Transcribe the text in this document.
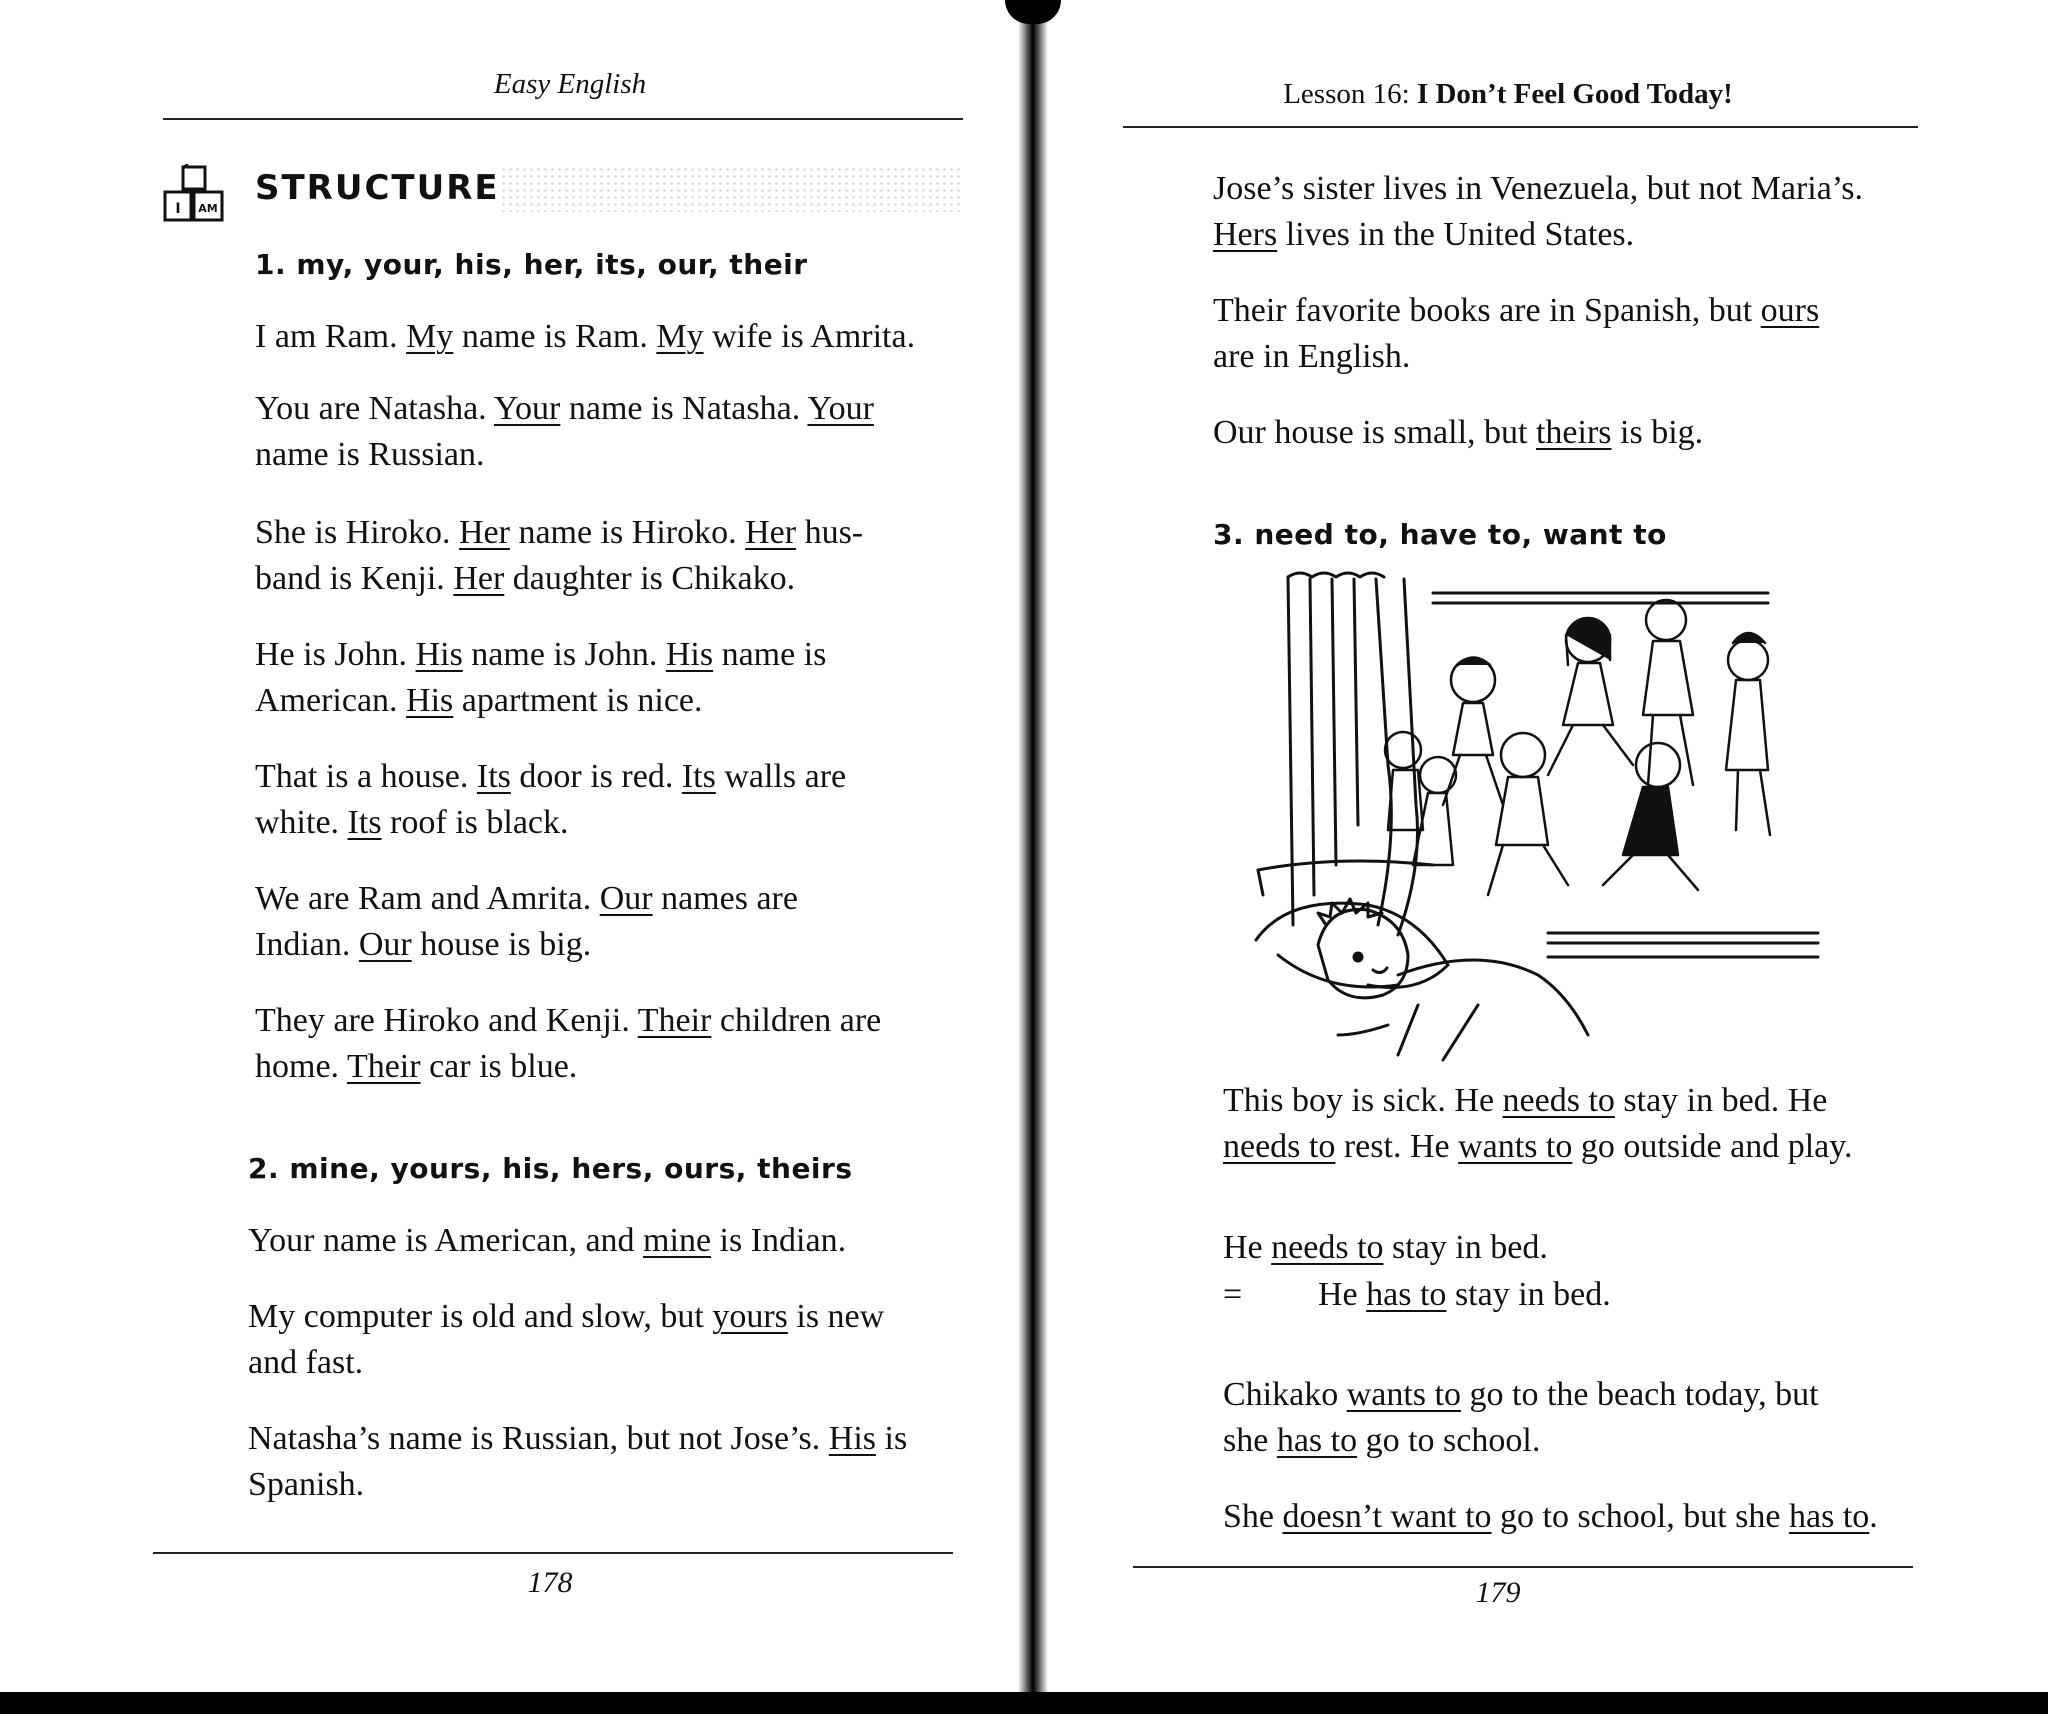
Easy English
I AM
STRUCTURE
1. my, your, his, her, its, our, their

I am Ram. My name is Ram. My wife is Amrita.

You are Natasha. Your name is Natasha. Your
name is Russian.

She is Hiroko. Her name is Hiroko. Her hus-
band is Kenji. Her daughter is Chikako.

He is John. His name is John. His name is
American. His apartment is nice.

That is a house. Its door is red. Its walls are
white. Its roof is black.

We are Ram and Amrita. Our names are
Indian. Our house is big.

They are Hiroko and Kenji. Their children are
home. Their car is blue.

2. mine, yours, his, hers, ours, theirs

Your name is American, and mine is Indian.

My computer is old and slow, but yours is new
and fast.

Natasha’s name is Russian, but not Jose’s. His is
Spanish.

178
Lesson 16: I Don’t Feel Good Today!

Jose’s sister lives in Venezuela, but not Maria’s.
Hers lives in the United States.

Their favorite books are in Spanish, but ours
are in English.

Our house is small, but theirs is big.

3. need to, have to, want to

This boy is sick. He needs to stay in bed. He
needs to rest. He wants to go outside and play.

He needs to stay in bed.

= He has to stay in bed.

Chikako wants to go to the beach today, but
she has to go to school.

She doesn’t want to go to school, but she has to.

179
